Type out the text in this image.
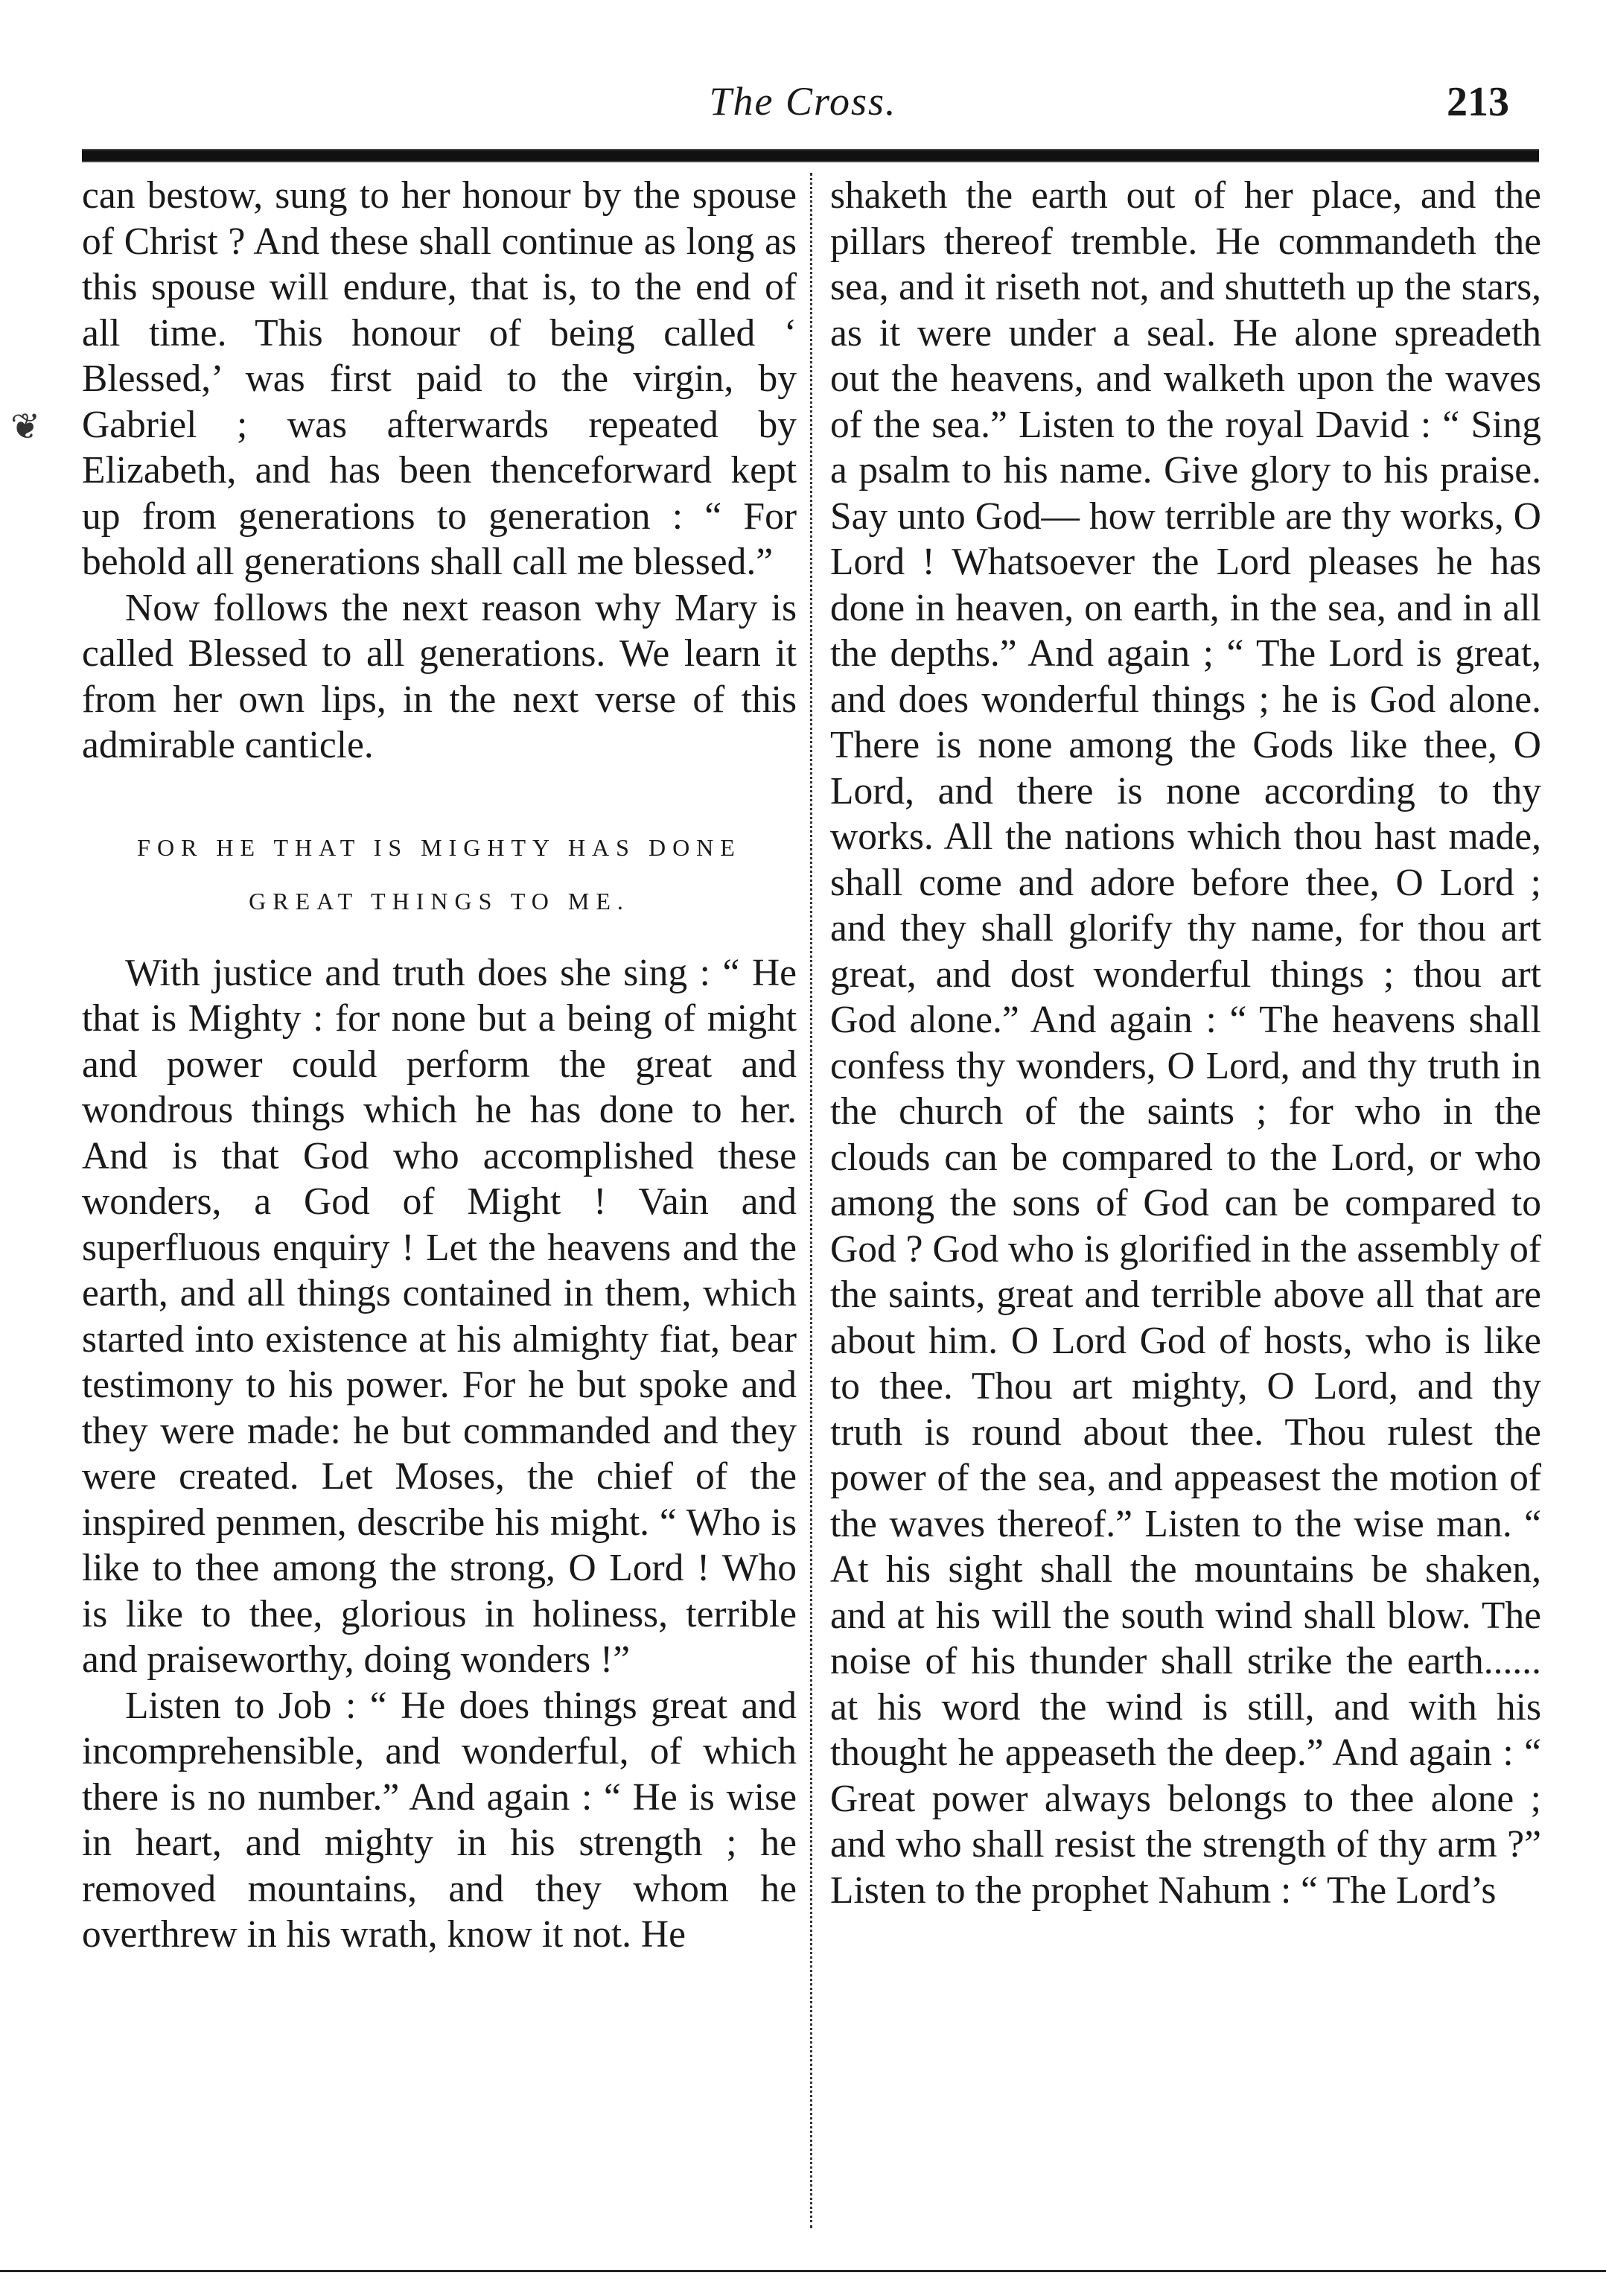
The Cross.	213
❦

can bestow, sung to her honour by the spouse of Christ ? And these shall continue as long as this spouse will endure, that is, to the end of all time. This honour of being called ‘ Blessed,’ was first paid to the virgin, by Gabriel ; was afterwards repeated by Elizabeth, and has been thenceforward kept up from generations to generation : “ For behold all generations shall call me blessed.”

Now follows the next reason why Mary is called Blessed to all generations. We learn it from her own lips, in the next verse of this admirable canticle.

FOR HE THAT IS MIGHTY HAS DONE
GREAT THINGS TO ME.

With justice and truth does she sing : “ He that is Mighty : for none but a being of might and power could perform the great and wondrous things which he has done to her. And is that God who accomplished these wonders, a God of Might ! Vain and superfluous enquiry ! Let the heavens and the earth, and all things contained in them, which started into existence at his almighty fiat, bear testimony to his power. For he but spoke and they were made: he but commanded and they were created. Let Moses, the chief of the inspired penmen, describe his might. “ Who is like to thee among the strong, O Lord ! Who is like to thee, glorious in holiness, terrible and praiseworthy, doing wonders !”

Listen to Job : “ He does things great and incomprehensible, and wonderful, of which there is no number.” And again : “ He is wise in heart, and mighty in his strength ; he removed mountains, and they whom he overthrew in his wrath, know it not. He

shaketh the earth out of her place, and the pillars thereof tremble. He commandeth the sea, and it riseth not, and shutteth up the stars, as it were under a seal. He alone spreadeth out the heavens, and walketh upon the waves of the sea.” Listen to the royal David : “ Sing a psalm to his name. Give glory to his praise. Say unto God— how terrible are thy works, O Lord ! Whatsoever the Lord pleases he has done in heaven, on earth, in the sea, and in all the depths.” And again ; “ The Lord is great, and does wonderful things ; he is God alone. There is none among the Gods like thee, O Lord, and there is none according to thy works. All the nations which thou hast made, shall come and adore before thee, O Lord ; and they shall glorify thy name, for thou art great, and dost wonderful things ; thou art God alone.” And again : “ The heavens shall confess thy wonders, O Lord, and thy truth in the church of the saints ; for who in the clouds can be compared to the Lord, or who among the sons of God can be compared to God ? God who is glorified in the assembly of the saints, great and terrible above all that are about him. O Lord God of hosts, who is like to thee. Thou art mighty, O Lord, and thy truth is round about thee. Thou rulest the power of the sea, and appeasest the motion of the waves thereof.” Listen to the wise man. “ At his sight shall the mountains be shaken, and at his will the south wind shall blow. The noise of his thunder shall strike the earth...... at his word the wind is still, and with his thought he appeaseth the deep.” And again : “ Great power always belongs to thee alone ; and who shall resist the strength of thy arm ?” Listen to the prophet Nahum : “ The Lord’s
